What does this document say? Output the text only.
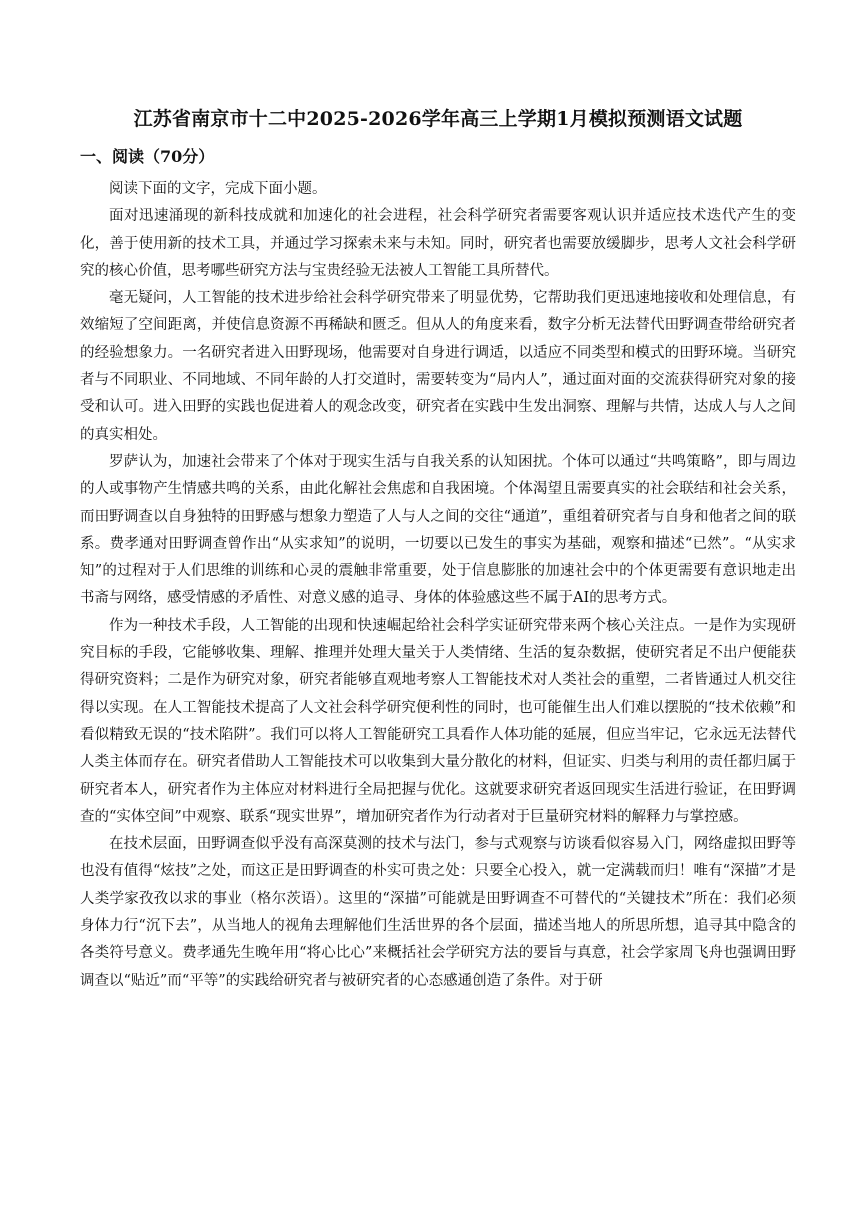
江苏省南京市十二中2025-2026学年高三上学期1月模拟预测语文试题
一、阅读（70分）

阅读下面的文字，完成下面小题。

面对迅速涌现的新科技成就和加速化的社会进程，社会科学研究者需要客观认识并适应技术迭代产生的变化，善于使用新的技术工具，并通过学习探索未来与未知。同时，研究者也需要放缓脚步，思考人文社会科学研究的核心价值，思考哪些研究方法与宝贵经验无法被人工智能工具所替代。

毫无疑问，人工智能的技术进步给社会科学研究带来了明显优势，它帮助我们更迅速地接收和处理信息，有效缩短了空间距离，并使信息资源不再稀缺和匮乏。但从人的角度来看，数字分析无法替代田野调查带给研究者的经验想象力。一名研究者进入田野现场，他需要对自身进行调适，以适应不同类型和模式的田野环境。当研究者与不同职业、不同地域、不同年龄的人打交道时，需要转变为“局内人”，通过面对面的交流获得研究对象的接受和认可。进入田野的实践也促进着人的观念改变，研究者在实践中生发出洞察、理解与共情，达成人与人之间的真实相处。

罗萨认为，加速社会带来了个体对于现实生活与自我关系的认知困扰。个体可以通过“共鸣策略”，即与周边的人或事物产生情感共鸣的关系，由此化解社会焦虑和自我困境。个体渴望且需要真实的社会联结和社会关系，而田野调查以自身独特的田野感与想象力塑造了人与人之间的交往“通道”，重组着研究者与自身和他者之间的联系。费孝通对田野调查曾作出“从实求知”的说明，一切要以已发生的事实为基础，观察和描述“已然”。“从实求知”的过程对于人们思维的训练和心灵的震触非常重要，处于信息膨胀的加速社会中的个体更需要有意识地走出书斋与网络，感受情感的矛盾性、对意义感的追寻、身体的体验感这些不属于AI的思考方式。

作为一种技术手段，人工智能的出现和快速崛起给社会科学实证研究带来两个核心关注点。一是作为实现研究目标的手段，它能够收集、理解、推理并处理大量关于人类情绪、生活的复杂数据，使研究者足不出户便能获得研究资料；二是作为研究对象，研究者能够直观地考察人工智能技术对人类社会的重塑，二者皆通过人机交往得以实现。在人工智能技术提高了人文社会科学研究便利性的同时，也可能催生出人们难以摆脱的“技术依赖”和看似精致无误的“技术陷阱”。我们可以将人工智能研究工具看作人体功能的延展，但应当牢记，它永远无法替代人类主体而存在。研究者借助人工智能技术可以收集到大量分散化的材料，但证实、归类与利用的责任都归属于研究者本人，研究者作为主体应对材料进行全局把握与优化。这就要求研究者返回现实生活进行验证，在田野调查的“实体空间”中观察、联系“现实世界”，增加研究者作为行动者对于巨量研究材料的解释力与掌控感。

在技术层面，田野调查似乎没有高深莫测的技术与法门，参与式观察与访谈看似容易入门，网络虚拟田野等也没有值得“炫技”之处，而这正是田野调查的朴实可贵之处：只要全心投入，就一定满载而归！唯有“深描”才是人类学家孜孜以求的事业（格尔茨语）。这里的“深描”可能就是田野调查不可替代的“关键技术”所在：我们必须身体力行“沉下去”，从当地人的视角去理解他们生活世界的各个层面，描述当地人的所思所想，追寻其中隐含的各类符号意义。费孝通先生晚年用“将心比心”来概括社会学研究方法的要旨与真意，社会学家周飞舟也强调田野调查以“贴近”而“平等”的实践给研究者与被研究者的心态感通创造了条件。对于研
